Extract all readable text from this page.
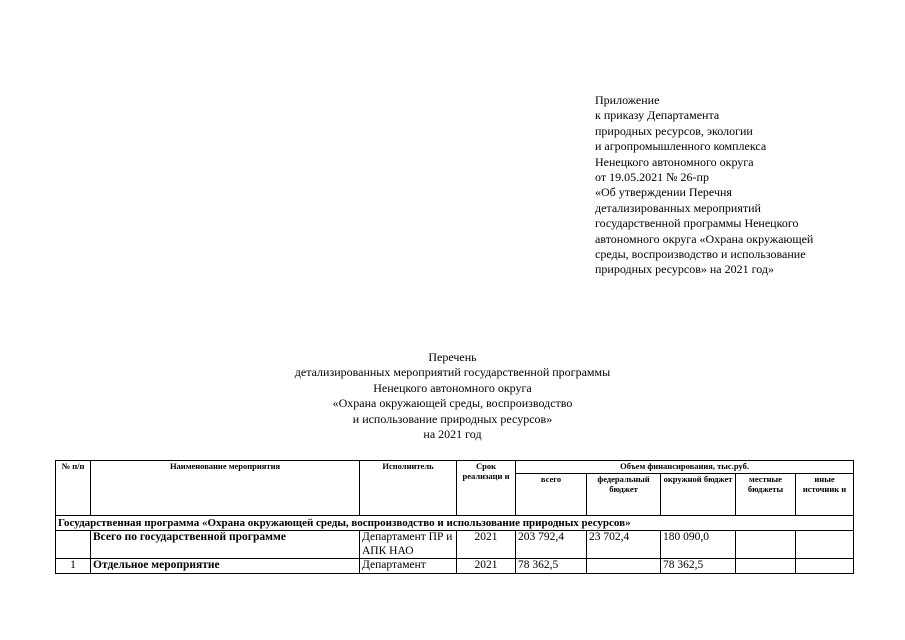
Приложение
к приказу Департамента
природных ресурсов, экологии
и агропромышленного комплекса
Ненецкого автономного округа
от 19.05.2021 № 26-пр
«Об утверждении Перечня
детализированных мероприятий
государственной программы Ненецкого
автономного округа «Охрана окружающей
среды, воспроизводство и использование
природных ресурсов» на 2021 год»
Перечень
детализированных мероприятий государственной программы
Ненецкого автономного округа
«Охрана окружающей среды, воспроизводство
и использование природных ресурсов»
на 2021 год
№ п/п	Наименование мероприятия	Исполнитель	Срок реализаци и	Объем финансирования, тыс.руб.				
				всего	федеральный бюджет	окружной бюджет	местные бюджеты	иные источник и
Государственная программа «Охрана окружающей среды, воспроизводство и использование природных ресурсов»								
	Всего по государственной программе	Департамент ПР и АПК НАО	2021	203 792,4	23 702,4	180 090,0		
1	Отдельное мероприятие	Департамент	2021	78 362,5		78 362,5		
